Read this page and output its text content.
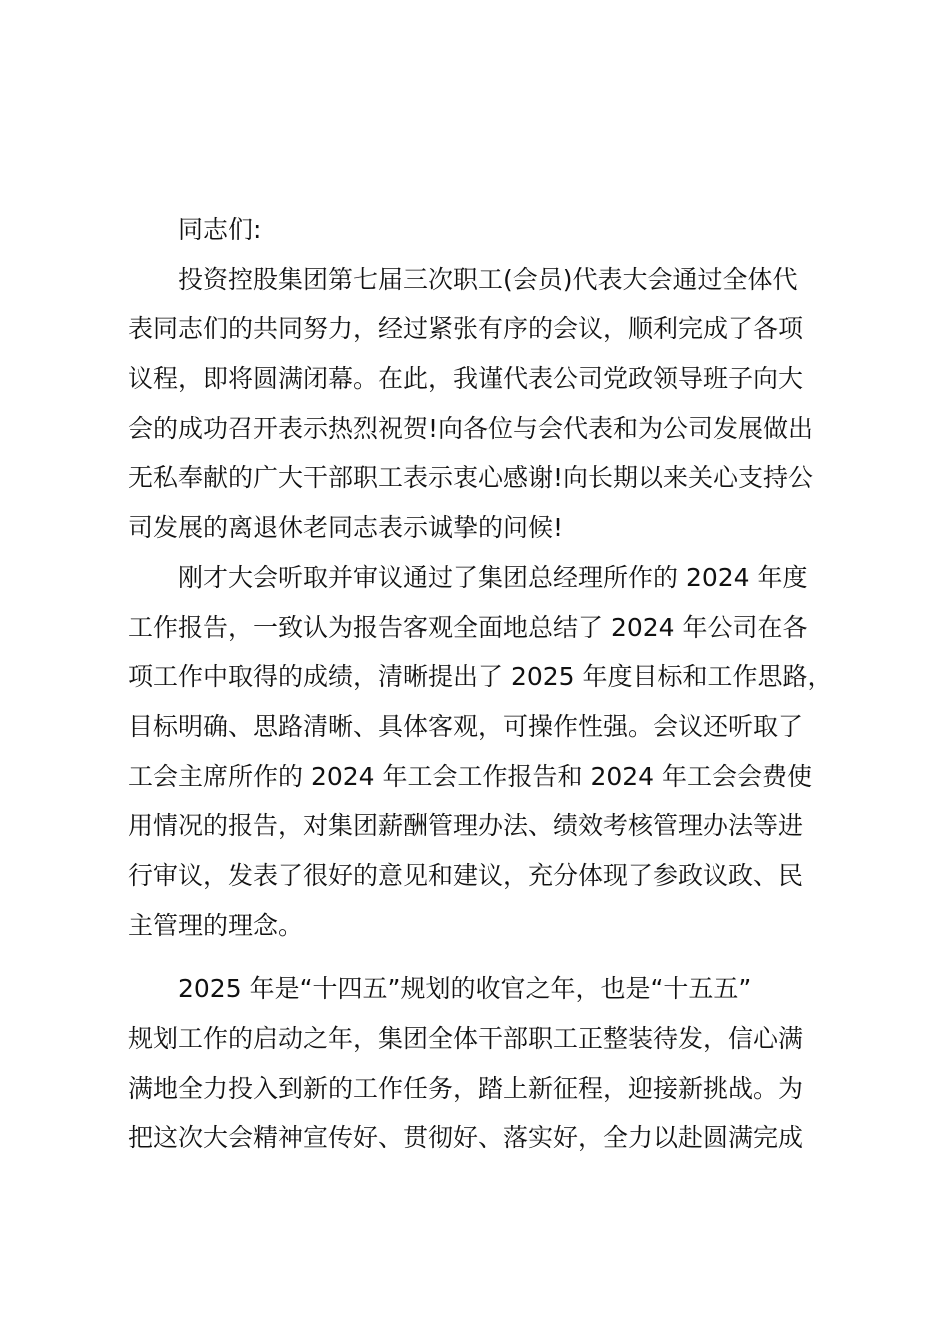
同志们:
投资控股集团第七届三次职工(会员)代表大会通过全体代
表同志们的共同努力，经过紧张有序的会议，顺利完成了各项
议程，即将圆满闭幕。在此，我谨代表公司党政领导班子向大
会的成功召开表示热烈祝贺!向各位与会代表和为公司发展做出
无私奉献的广大干部职工表示衷心感谢!向长期以来关心支持公
司发展的离退休老同志表示诚挚的问候!
刚才大会听取并审议通过了集团总经理所作的 2024 年度
工作报告，一致认为报告客观全面地总结了 2024 年公司在各
项工作中取得的成绩，清晰提出了 2025 年度目标和工作思路，
目标明确、思路清晰、具体客观，可操作性强。会议还听取了
工会主席所作的 2024 年工会工作报告和 2024 年工会会费使
用情况的报告，对集团薪酬管理办法、绩效考核管理办法等进
行审议，发表了很好的意见和建议，充分体现了参政议政、民
主管理的理念。
2025 年是“十四五”规划的收官之年，也是“十五五”
规划工作的启动之年，集团全体干部职工正整装待发，信心满
满地全力投入到新的工作任务，踏上新征程，迎接新挑战。为
把这次大会精神宣传好、贯彻好、落实好，全力以赴圆满完成
